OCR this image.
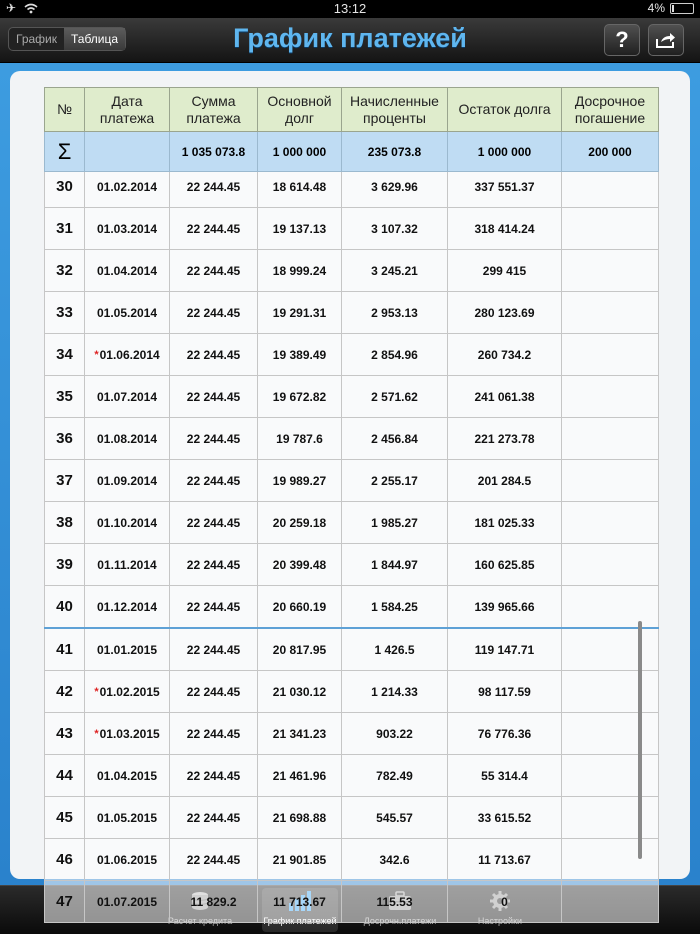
✈	13:12	4%
График	Таблица	График платежей	?
№	Дата платежа	Сумма платежа	Основной долг	Начисленные проценты	Остаток долга	Досрочное погашение
Σ		1 035 073.8	1 000 000	235 073.8	1 000 000	200 000
30	01.02.2014	22 244.45	18 614.48	3 629.96	337 551.37	
31	01.03.2014	22 244.45	19 137.13	3 107.32	318 414.24	
32	01.04.2014	22 244.45	18 999.24	3 245.21	299 415	
33	01.05.2014	22 244.45	19 291.31	2 953.13	280 123.69	
34	*01.06.2014	22 244.45	19 389.49	2 854.96	260 734.2	
35	01.07.2014	22 244.45	19 672.82	2 571.62	241 061.38	
36	01.08.2014	22 244.45	19 787.6	2 456.84	221 273.78	
37	01.09.2014	22 244.45	19 989.27	2 255.17	201 284.5	
38	01.10.2014	22 244.45	20 259.18	1 985.27	181 025.33	
39	01.11.2014	22 244.45	20 399.48	1 844.97	160 625.85	
40	01.12.2014	22 244.45	20 660.19	1 584.25	139 965.66	
41	01.01.2015	22 244.45	20 817.95	1 426.5	119 147.71	
42	*01.02.2015	22 244.45	21 030.12	1 214.33	98 117.59	
43	*01.03.2015	22 244.45	21 341.23	903.22	76 776.36	
44	01.04.2015	22 244.45	21 461.96	782.49	55 314.4	
45	01.05.2015	22 244.45	21 698.88	545.57	33 615.52	
46	01.06.2015	22 244.45	21 901.85	342.6	11 713.67	
47	01.07.2015	11 829.2	11 713.67	115.53	0	
